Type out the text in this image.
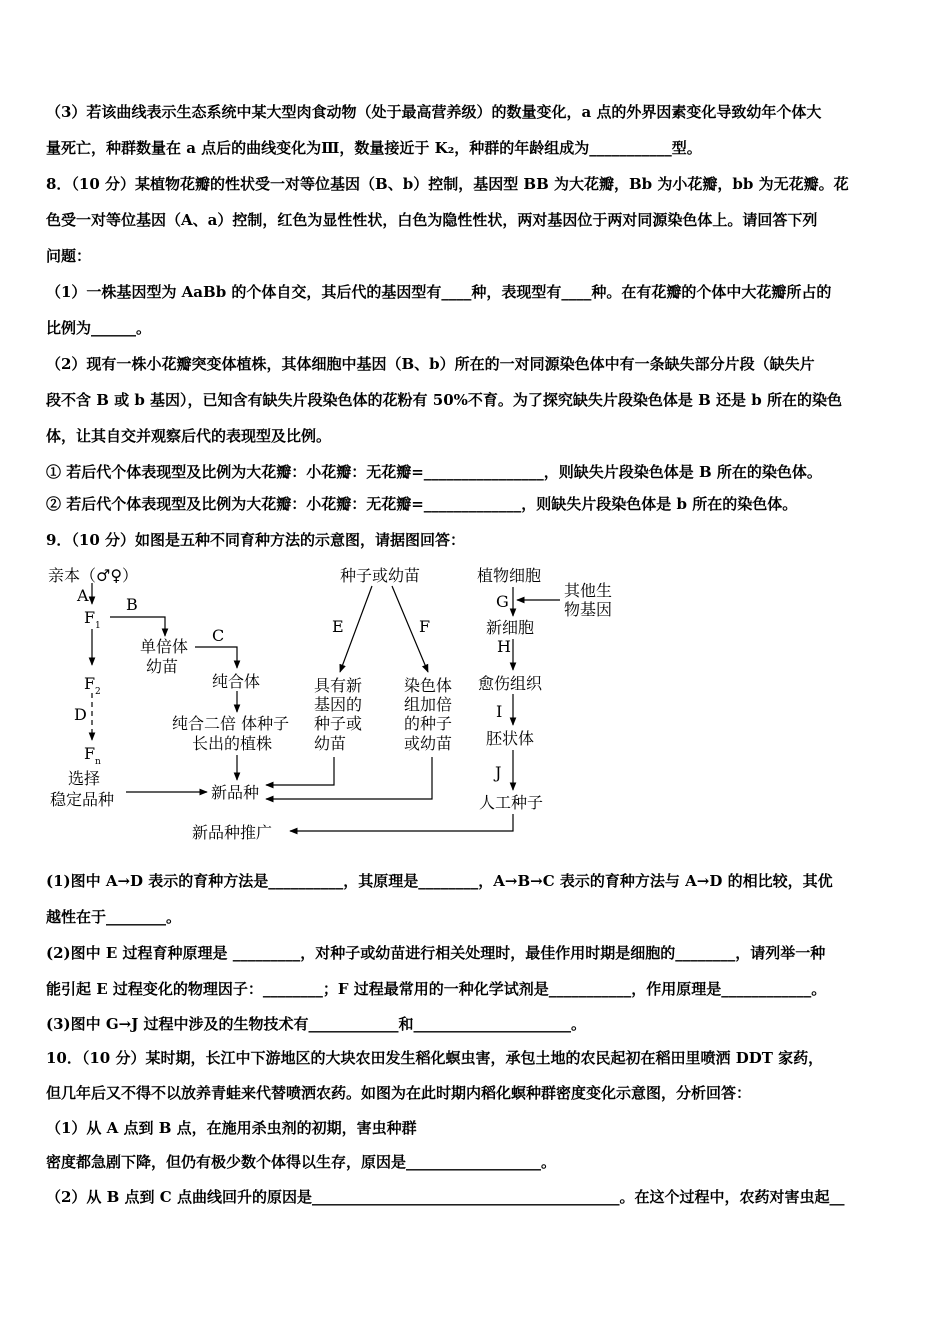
（3）若该曲线表示生态系统中某大型肉食动物（处于最高营养级）的数量变化，a 点的外界因素变化导致幼年个体大
量死亡，种群数量在 a 点后的曲线变化为Ⅲ，数量接近于 K₂，种群的年龄组成为___________型。
8．（10 分）某植物花瓣的性状受一对等位基因（B、b）控制，基因型 BB 为大花瓣，Bb 为小花瓣，bb 为无花瓣。花
色受一对等位基因（A、a）控制，红色为显性性状，白色为隐性性状，两对基因位于两对同源染色体上。请回答下列
问题：
（1）一株基因型为 AaBb 的个体自交，其后代的基因型有____种，表现型有____种。在有花瓣的个体中大花瓣所占的
比例为______。
（2）现有一株小花瓣突变体植株，其体细胞中基因（B、b）所在的一对同源染色体中有一条缺失部分片段（缺失片
段不含 B 或 b 基因），已知含有缺失片段染色体的花粉有 50%不育。为了探究缺失片段染色体是 B 还是 b 所在的染色
体，让其自交并观察后代的表现型及比例。
① 若后代个体表现型及比例为大花瓣：小花瓣：无花瓣=________________，则缺失片段染色体是 B 所在的染色体。
② 若后代个体表现型及比例为大花瓣：小花瓣：无花瓣=_____________，则缺失片段染色体是 b 所在的染色体。
9．（10 分）如图是五种不同育种方法的示意图，请据图回答：
(1)图中 A→D 表示的育种方法是__________，其原理是________，A→B→C 表示的育种方法与 A→D 的相比较，其优
越性在于________。
(2)图中 E 过程育种原理是 _________，对种子或幼苗进行相关处理时，最佳作用时期是细胞的________，请列举一种
能引起 E 过程变化的物理因子：________；F 过程最常用的一种化学试剂是___________，作用原理是____________。
(3)图中 G→J 过程中涉及的生物技术有____________和_____________________。
10．（10 分）某时期，长江中下游地区的大块农田发生稻化螟虫害，承包土地的农民起初在稻田里喷洒 DDT 家药，
但几年后又不得不以放养青蛙来代替喷洒农药。如图为在此时期内稻化螟种群密度变化示意图，分析回答：
（1）从 A 点到 B 点，在施用杀虫剂的初期，害虫种群
密度都急剧下降，但仍有极少数个体得以生存，原因是__________________。
（2）从 B 点到 C 点曲线回升的原因是_________________________________________。在这个过程中，农药对害虫起__
亲本（♂♀）
A
F 1
B
单倍体
幼苗
C
纯合体
F 2
D	纯合二倍 体种子
长出的植株
F n
选择
稳定品种	新品种
新品种推广
种子或幼苗
E	F
具有新
基因的
种子或
幼苗
染色体
组加倍
的种子
或幼苗
植物细胞
其他生
物基因
G
新细胞
H
愈伤组织
I
胚状体
J
人工种子
